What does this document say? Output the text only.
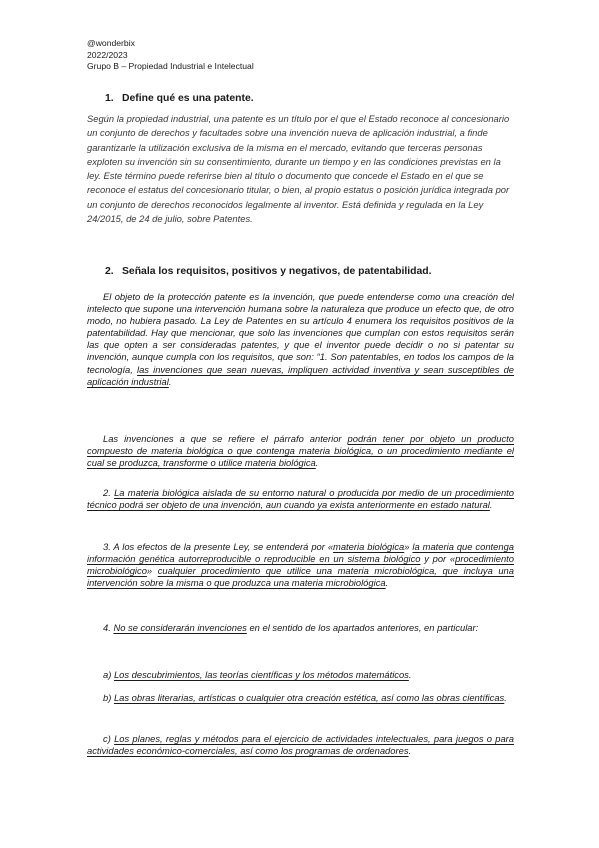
@wonderbix
2022/2023
Grupo B – Propiedad Industrial e Intelectual
1. Define qué es una patente.

Según la propiedad industrial, una patente es un título por el que el Estado reconoce al concesionario un conjunto de derechos y facultades sobre una invención nueva de aplicación industrial, a finde garantizarle la utilización exclusiva de la misma en el mercado, evitando que terceras personas exploten su invención sin su consentimiento, durante un tiempo y en las condiciones previstas en la ley. Este término puede referirse bien al título o documento que concede el Estado en el que se reconoce el estatus del concesionario titular, o bien, al propio estatus o posición jurídica integrada por un conjunto de derechos reconocidos legalmente al inventor. Está definida y regulada en la Ley 24/2015, de 24 de julio, sobre Patentes.

2. Señala los requisitos, positivos y negativos, de patentabilidad.

El objeto de la protección patente es la invención, que puede entenderse como una creación del intelecto que supone una intervención humana sobre la naturaleza que produce un efecto que, de otro modo, no hubiera pasado. La Ley de Patentes en su artículo 4 enumera los requisitos positivos de la patentabilidad. Hay que mencionar, que solo las invenciones que cumplan con estos requisitos serán las que opten a ser consideradas patentes, y que el inventor puede decidir o no si patentar su invención, aunque cumpla con los requisitos, que son: “1. Son patentables, en todos los campos de la tecnología, las invenciones que sean nuevas, impliquen actividad inventiva y sean susceptibles de aplicación industrial.

Las invenciones a que se refiere el párrafo anterior podrán tener por objeto un producto compuesto de materia biológica o que contenga materia biológica, o un procedimiento mediante el cual se produzca, transforme o utilice materia biológica.

2. La materia biológica aislada de su entorno natural o producida por medio de un procedimiento técnico podrá ser objeto de una invención, aun cuando ya exista anteriormente en estado natural.

3. A los efectos de la presente Ley, se entenderá por «materia biológica» la materia que contenga información genética autorreproducible o reproducible en un sistema biológico y por «procedimiento microbiológico» cualquier procedimiento que utilice una materia microbiológica, que incluya una intervención sobre la misma o que produzca una materia microbiológica.

4. No se considerarán invenciones en el sentido de los apartados anteriores, en particular:

a) Los descubrimientos, las teorías científicas y los métodos matemáticos.

b) Las obras literarias, artísticas o cualquier otra creación estética, así como las obras científicas.

c) Los planes, reglas y métodos para el ejercicio de actividades intelectuales, para juegos o para actividades económico-comerciales, así como los programas de ordenadores.
